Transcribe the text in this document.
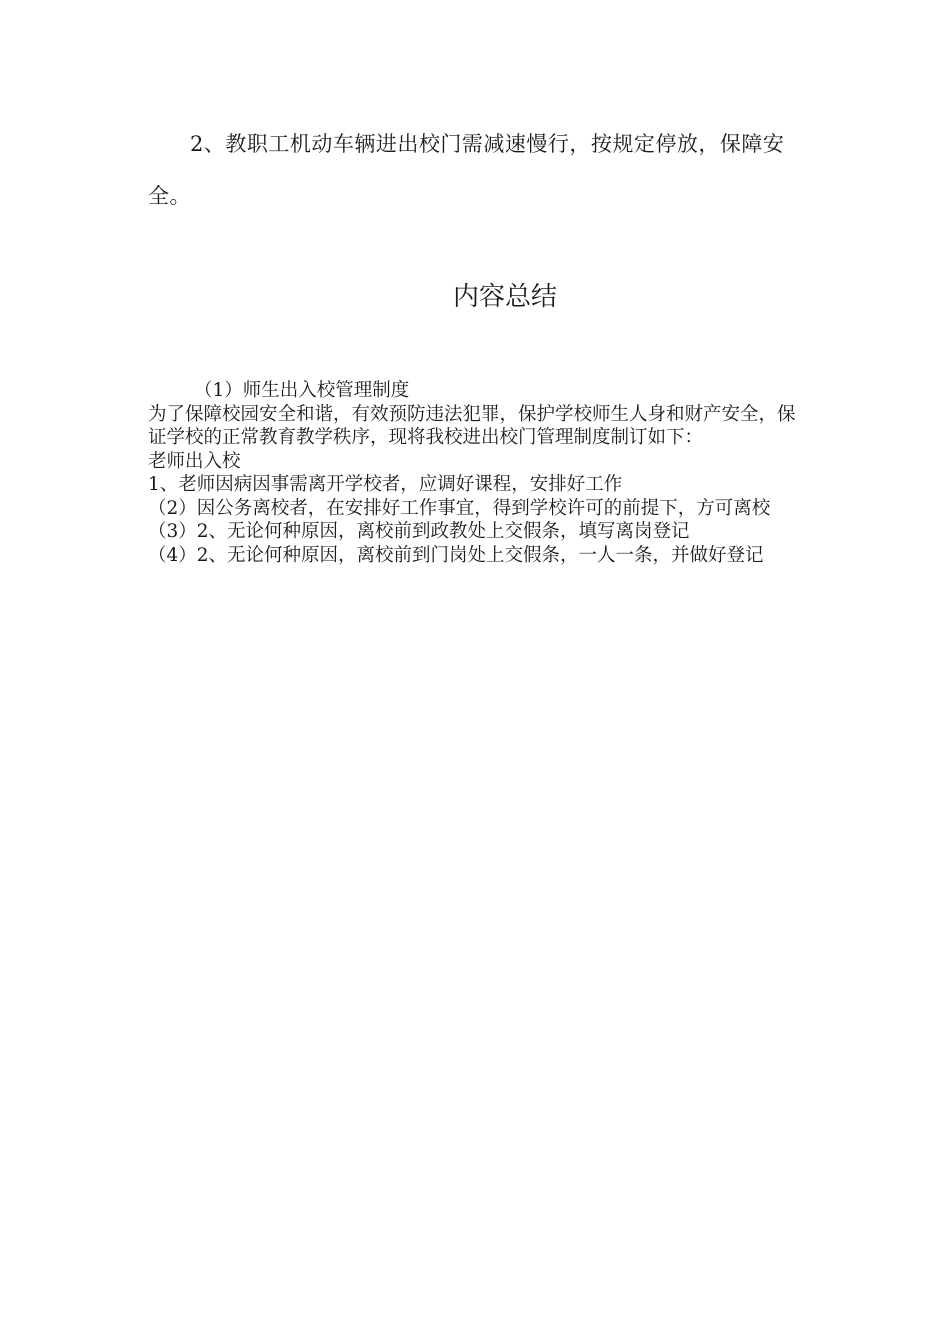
2、教职工机动车辆进出校门需减速慢行，按规定停放，保障安全。

内容总结

（1）师生出入校管理制度

为了保障校园安全和谐，有效预防违法犯罪，保护学校师生人身和财产安全，保证学校的正常教育教学秩序，现将我校进出校门管理制度制订如下：

老师出入校

1、老师因病因事需离开学校者，应调好课程，安排好工作

（2）因公务离校者，在安排好工作事宜，得到学校许可的前提下，方可离校

（3）2、无论何种原因，离校前到政教处上交假条，填写离岗登记

（4）2、无论何种原因，离校前到门岗处上交假条，一人一条，并做好登记
